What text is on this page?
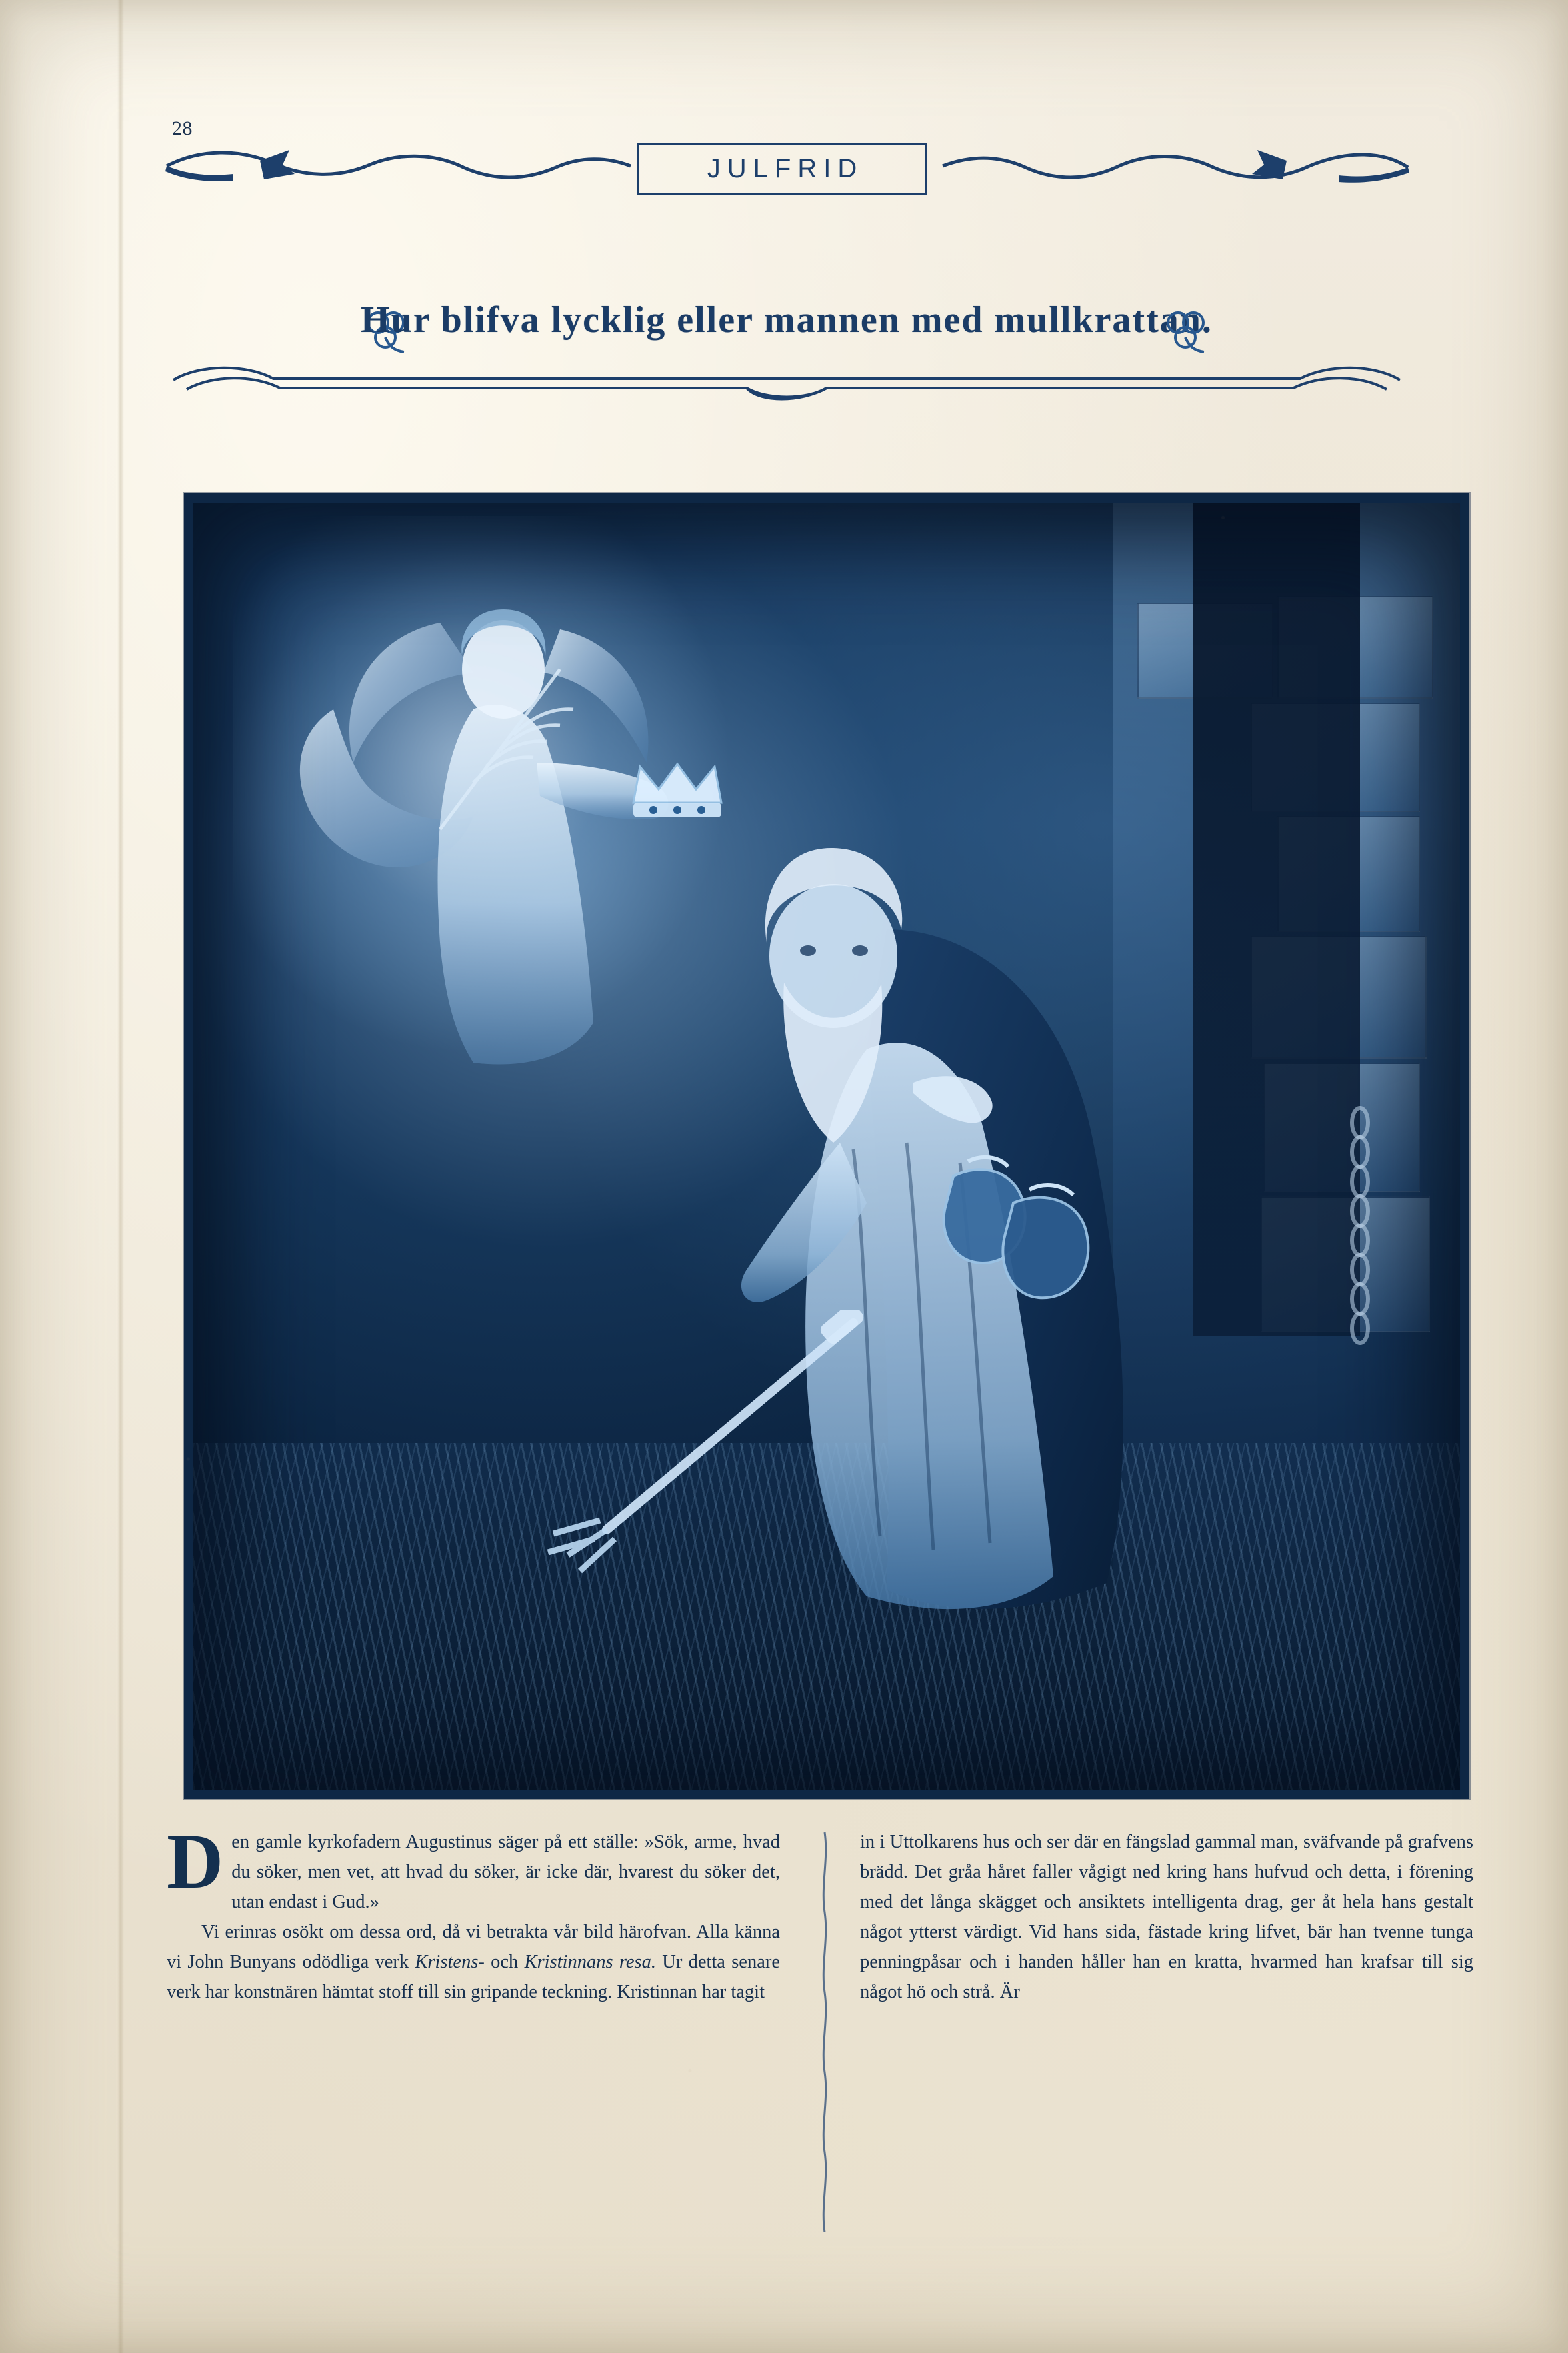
28
JULFRID
Hur blifva lycklig eller mannen med mullkrattan.

Den gamle kyrkofadern Augustinus säger på ett ställe: »Sök, arme, hvad du söker, men vet, att hvad du söker, är icke där, hvarest du söker det, utan endast i Gud.»

Vi erinras osökt om dessa ord, då vi betrakta vår bild härofvan. Alla känna vi John Bunyans odödliga verk Kristens- och Kristinnans resa. Ur detta senare verk har konstnären hämtat stoff till sin gripande teckning. Kristinnan har tagit

in i Uttolkarens hus och ser där en fängslad gammal man, sväfvande på grafvens brädd. Det gråa håret faller vågigt ned kring hans hufvud och detta, i förening med det långa skägget och ansiktets intelligenta drag, ger åt hela hans gestalt något ytterst värdigt. Vid hans sida, fästade kring lifvet, bär han tvenne tunga penningpåsar och i handen håller han en kratta, hvarmed han krafsar till sig något hö och strå. Är
